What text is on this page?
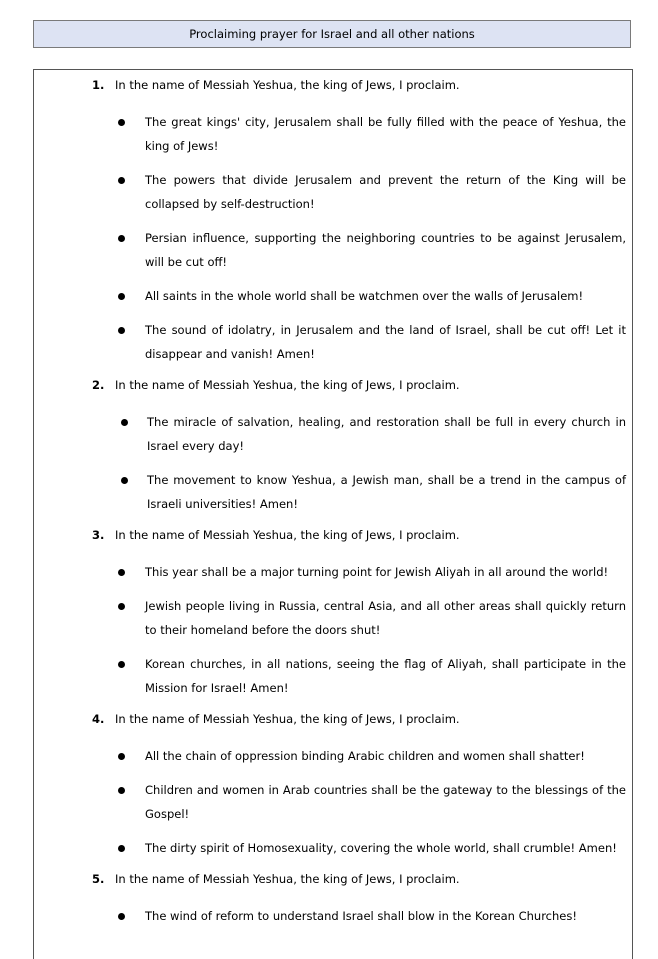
Proclaiming prayer for Israel and all other nations
1. In the name of Messiah Yeshua, the king of Jews, I proclaim.
The great kings' city, Jerusalem shall be fully filled with the peace of Yeshua, the king of Jews!
The powers that divide Jerusalem and prevent the return of the King will be collapsed by self-destruction!
Persian influence, supporting the neighboring countries to be against Jerusalem, will be cut off!
All saints in the whole world shall be watchmen over the walls of Jerusalem!
The sound of idolatry, in Jerusalem and the land of Israel, shall be cut off! Let it disappear and vanish! Amen!
2. In the name of Messiah Yeshua, the king of Jews, I proclaim.
The miracle of salvation, healing, and restoration shall be full in every church in Israel every day!
The movement to know Yeshua, a Jewish man, shall be a trend in the campus of Israeli universities! Amen!
3. In the name of Messiah Yeshua, the king of Jews, I proclaim.
This year shall be a major turning point for Jewish Aliyah in all around the world!
Jewish people living in Russia, central Asia, and all other areas shall quickly return to their homeland before the doors shut!
Korean churches, in all nations, seeing the flag of Aliyah, shall participate in the Mission for Israel! Amen!
4. In the name of Messiah Yeshua, the king of Jews, I proclaim.
All the chain of oppression binding Arabic children and women shall shatter!
Children and women in Arab countries shall be the gateway to the blessings of the Gospel!
The dirty spirit of Homosexuality, covering the whole world, shall crumble! Amen!
5. In the name of Messiah Yeshua, the king of Jews, I proclaim.
The wind of reform to understand Israel shall blow in the Korean Churches!
